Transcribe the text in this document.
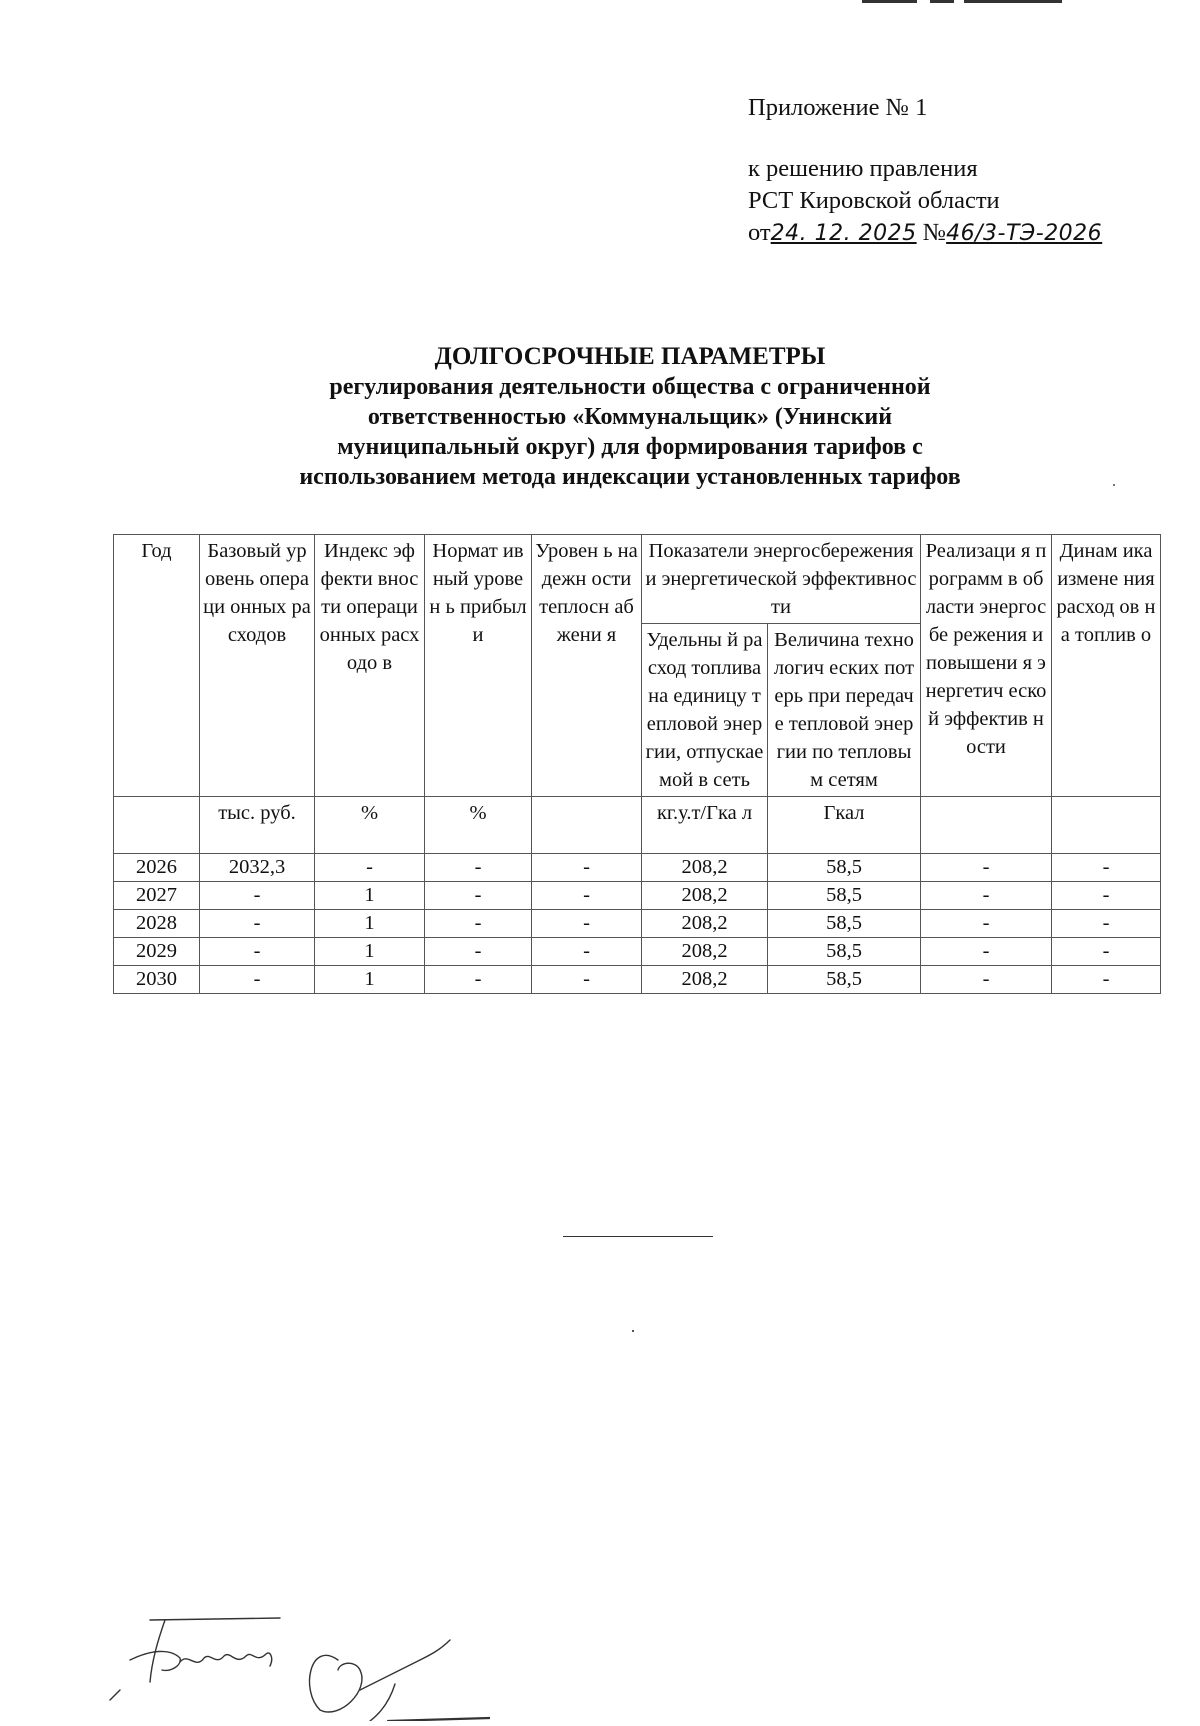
Приложение № 1
к решению правления
РСТ Кировской области
от24. 12. 2025 №46/3-ТЭ-2026
ДОЛГОСРОЧНЫЕ ПАРАМЕТРЫ
регулирования деятельности общества с ограниченной
ответственностью «Коммунальщик» (Унинский
муниципальный округ) для формирования тарифов с
использованием метода индексации установленных тарифов
Год	Базовый уровень операци онных расходов	Индекс эффекти вности операци онных расходо в	Нормат ивный уровен ь прибыл и	Уровен ь надежн ости теплосн абжени я	Показатели энергосбережения и энергетической эффективности		Реализаци я программ в области энергосбе режения и повышени я энергетич еской эффектив ности	Динам ика измене ния расход ов на топлив о
					Удельны й расход топлива на единицу тепловой энергии, отпускае мой в сеть	Величина технологич еских потерь при передаче тепловой энергии по тепловым сетям		
	тыс. руб.	%	%		кг.у.т/Гка л	Гкал		
2026	2032,3	-	-	-	208,2	58,5	-	-
2027	-	1	-	-	208,2	58,5	-	-
2028	-	1	-	-	208,2	58,5	-	-
2029	-	1	-	-	208,2	58,5	-	-
2030	-	1	-	-	208,2	58,5	-	-
